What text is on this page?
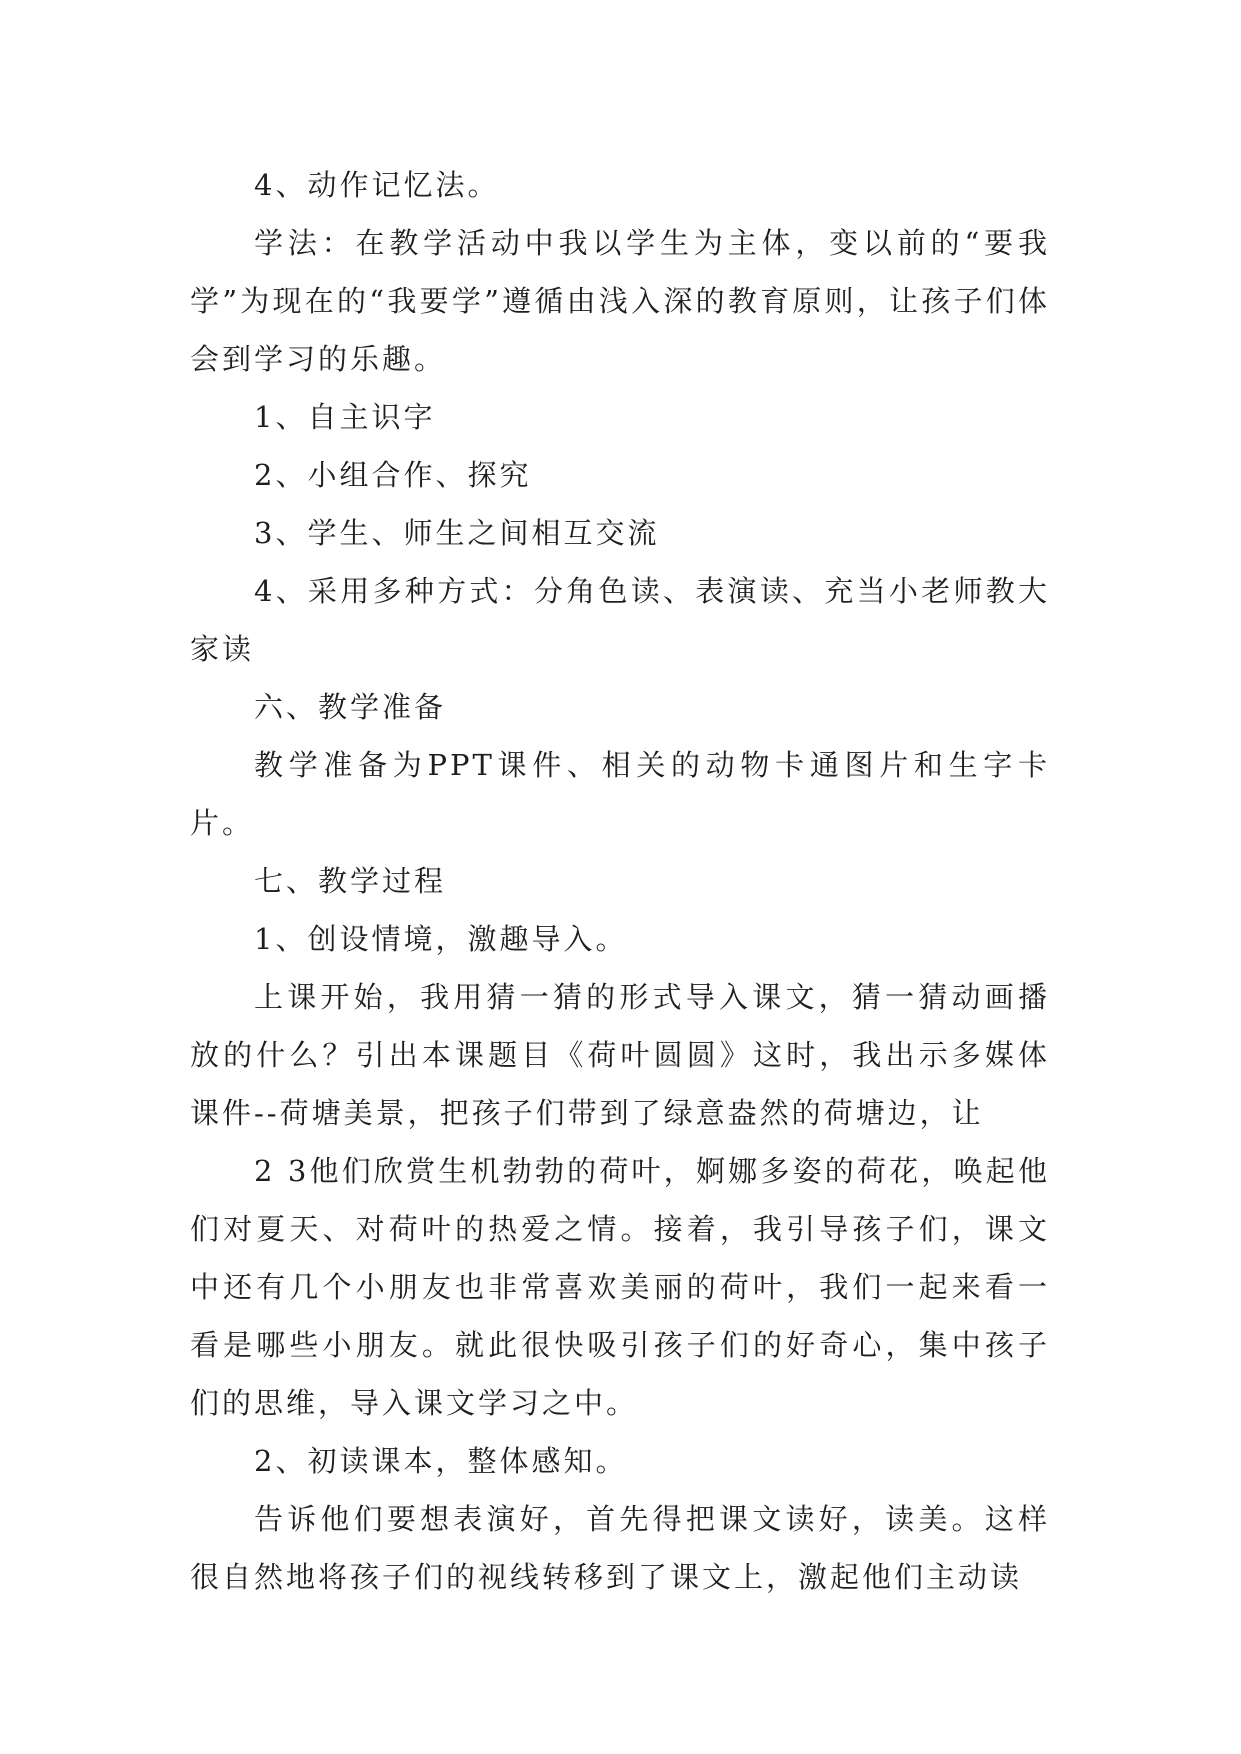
4、动作记忆法。

学法：在教学活动中我以学生为主体，变以前的“要我学”为现在的“我要学”遵循由浅入深的教育原则，让孩子们体会到学习的乐趣。

1、自主识字

2、小组合作、探究

3、学生、师生之间相互交流

4、采用多种方式：分角色读、表演读、充当小老师教大家读

六、教学准备

教学准备为PPT课件、相关的动物卡通图片和生字卡片。

七、教学过程

1、创设情境，激趣导入。

上课开始，我用猜一猜的形式导入课文，猜一猜动画播放的什么？引出本课题目《荷叶圆圆》这时，我出示多媒体课件--荷塘美景，把孩子们带到了绿意盎然的荷塘边，让

2 3他们欣赏生机勃勃的荷叶，婀娜多姿的荷花，唤起他们对夏天、对荷叶的热爱之情。接着，我引导孩子们，课文中还有几个小朋友也非常喜欢美丽的荷叶，我们一起来看一看是哪些小朋友。就此很快吸引孩子们的好奇心，集中孩子们的思维，导入课文学习之中。

2、初读课本，整体感知。

告诉他们要想表演好，首先得把课文读好，读美。这样很自然地将孩子们的视线转移到了课文上，激起他们主动读
